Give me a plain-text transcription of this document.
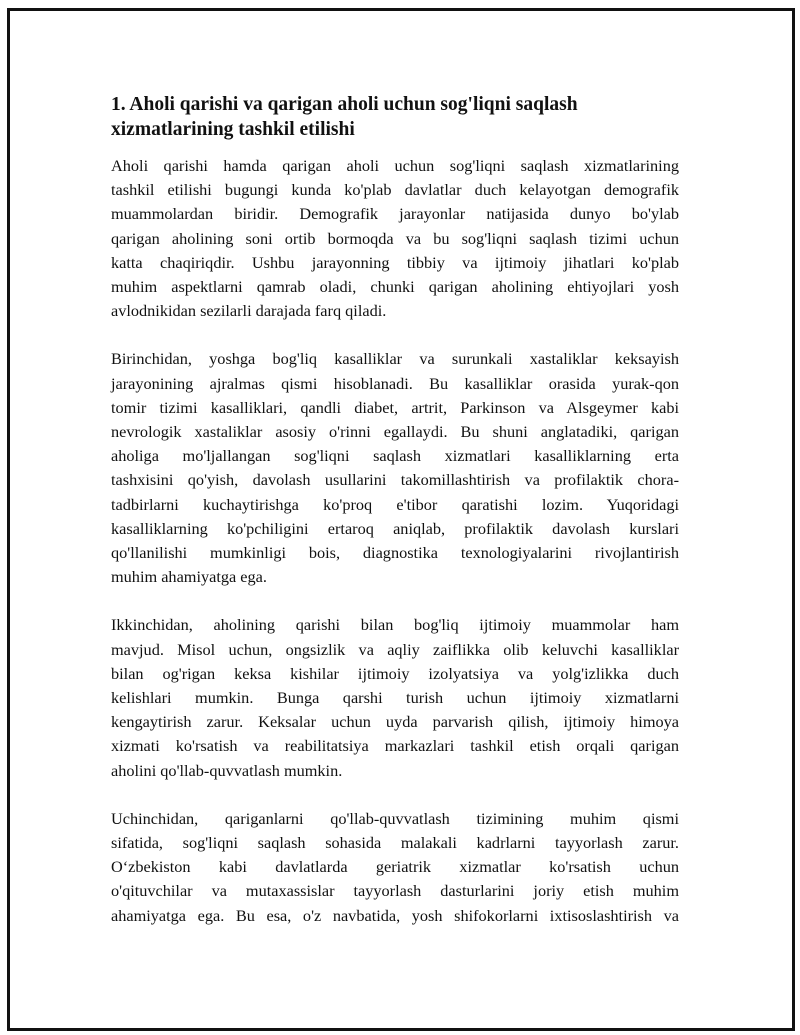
1. Aholi qarishi va qarigan aholi uchun sog'liqni saqlash
xizmatlarining tashkil etilishi

Aholi qarishi hamda qarigan aholi uchun sog'liqni saqlash xizmatlarining
tashkil etilishi bugungi kunda ko'plab davlatlar duch kelayotgan demografik
muammolardan biridir. Demografik jarayonlar natijasida dunyo bo'ylab
qarigan aholining soni ortib bormoqda va bu sog'liqni saqlash tizimi uchun
katta chaqiriqdir. Ushbu jarayonning tibbiy va ijtimoiy jihatlari ko'plab
muhim aspektlarni qamrab oladi, chunki qarigan aholining ehtiyojlari yosh
avlodnikidan sezilarli darajada farq qiladi.

Birinchidan, yoshga bog'liq kasalliklar va surunkali xastaliklar keksayish
jarayonining ajralmas qismi hisoblanadi. Bu kasalliklar orasida yurak-qon
tomir tizimi kasalliklari, qandli diabet, artrit, Parkinson va Alsgeymer kabi
nevrologik xastaliklar asosiy o'rinni egallaydi. Bu shuni anglatadiki, qarigan
aholiga mo'ljallangan sog'liqni saqlash xizmatlari kasalliklarning erta
tashxisini qo'yish, davolash usullarini takomillashtirish va profilaktik chora-
tadbirlarni kuchaytirishga ko'proq e'tibor qaratishi lozim. Yuqoridagi
kasalliklarning ko'pchiligini ertaroq aniqlab, profilaktik davolash kurslari
qo'llanilishi mumkinligi bois, diagnostika texnologiyalarini rivojlantirish
muhim ahamiyatga ega.

Ikkinchidan, aholining qarishi bilan bog'liq ijtimoiy muammolar ham
mavjud. Misol uchun, ongsizlik va aqliy zaiflikka olib keluvchi kasalliklar
bilan og'rigan keksa kishilar ijtimoiy izolyatsiya va yolg'izlikka duch
kelishlari mumkin. Bunga qarshi turish uchun ijtimoiy xizmatlarni
kengaytirish zarur. Keksalar uchun uyda parvarish qilish, ijtimoiy himoya
xizmati ko'rsatish va reabilitatsiya markazlari tashkil etish orqali qarigan
aholini qo'llab-quvvatlash mumkin.

Uchinchidan, qariganlarni qo'llab-quvvatlash tizimining muhim qismi
sifatida, sog'liqni saqlash sohasida malakali kadrlarni tayyorlash zarur.
O‘zbekiston kabi davlatlarda geriatrik xizmatlar ko'rsatish uchun
o'qituvchilar va mutaxassislar tayyorlash dasturlarini joriy etish muhim
ahamiyatga ega. Bu esa, o'z navbatida, yosh shifokorlarni ixtisoslashtirish va
